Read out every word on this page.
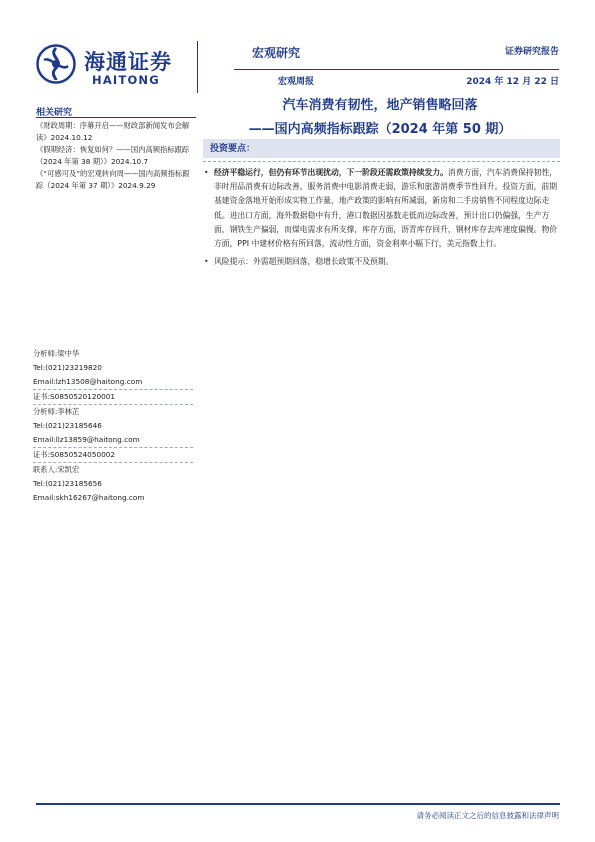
海通证券
HAITONG
宏观研究
宏观周报
证券研究报告
2024 年 12 月 22 日
汽车消费有韧性，地产销售略回落
——国内高频指标跟踪（2024 年第 50 期）
相关研究
《财政周期：序幕开启——财政部新闻发布会解读》2024.10.12
《假期经济：恢复如何？——国内高频指标跟踪（2024 年第 38 期）》2024.10.7
《“可感可及”的宏观转向周——国内高频指标跟踪（2024 年第 37 期）》2024.9.29
分析师:梁中华
Tel:(021)23219820
Email:lzh13508@haitong.com
证书:S0850520120001
分析师:李林芷
Tel:(021)23185646
Email:llz13859@haitong.com
证书:S0850524050002
联系人:宋凯宏
Tel:(021)23185656
Email:skh16267@haitong.com
投资要点：
• 经济平稳运行，但仍有环节出现扰动，下一阶段还需政策持续发力。消费方面，汽车消费保持韧性，非时用品消费有边际改善，服务消费中电影消费走弱，游乐和旅游消费季节性回升。投资方面，前期基建资金落地开始形成实物工作量，地产政策的影响有所减弱，新房和二手房销售不同程度边际走低。进出口方面，海外数据稳中有升，港口数据因基数走低而边际改善，预计出口仍偏强，生产方面，钢铁生产偏弱，而煤电需求有所支撑，库存方面，沥青库存回升，钢材库存去库速度偏慢。物价方面，PPI 中建材价格有所回落，流动性方面，资金利率小幅下行，美元指数上行。
• 风险提示：外需超预期回落，稳增长政策不及预期。
请务必阅读正文之后的信息披露和法律声明
